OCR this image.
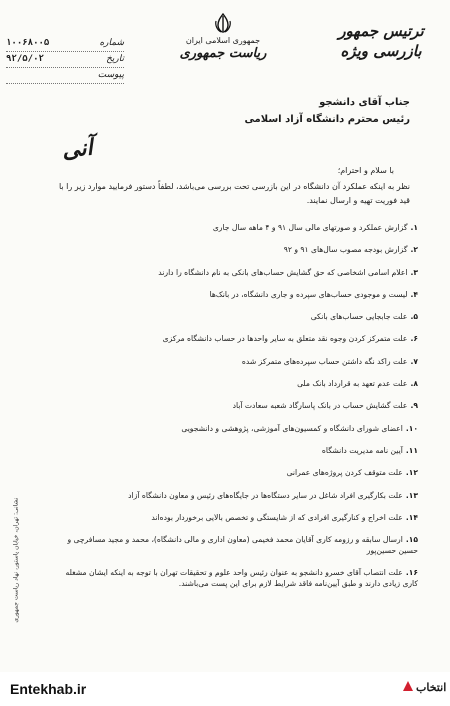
ترتیس جمهور
بازرسی ویژه
جمهوری اسلامی ایران
ریاست جمهوری
۱۰۰۶۸۰۰۵	شماره
۹۲/۵/۰۲	تاریخ
پیوست
جناب آقای دانشجو
رئیس محترم دانشگاه آزاد اسلامی
آنی
با سلام و احترام؛
نظر به اینکه عملکرد آن دانشگاه در این بازرسی تحت بررسی می‌باشد، لطفاً دستور فرمایید موارد زیر را با قید فوریت تهیه و ارسال نمایند.
۱.گزارش عملکرد و صورتهای مالی سال ۹۱ و ۴ ماهه سال جاری
۲.گزارش بودجه مصوب سال‌های ۹۱ و ۹۲
۳.اعلام اسامی اشخاصی که حق گشایش حساب‌های بانکی به نام دانشگاه را دارند
۴.لیست و موجودی حساب‌های سپرده و جاری دانشگاه، در بانک‌ها
۵.علت جابجایی حساب‌های بانکی
۶.علت متمرکز کردن وجوه نقد متعلق به سایر واحدها در حساب دانشگاه مرکزی
۷.علت راکد نگه داشتن حساب سپرده‌های متمرکز شده
۸.علت عدم تعهد به قرارداد بانک ملی
۹.علت گشایش حساب در بانک پاسارگاد شعبه سعادت آباد
۱۰.اعضای شورای دانشگاه و کمسیون‌های آموزشی، پژوهشی و دانشجویی
۱۱.آیین نامه مدیریت دانشگاه
۱۲.علت متوقف کردن پروژه‌های عمرانی
۱۳.علت بکارگیری افراد شاغل در سایر دستگاه‌ها در جایگاه‌های رئیس و معاون دانشگاه آزاد
۱۴.علت اخراج و کنارگیری افرادی که از شایستگی و تخصص بالایی برخوردار بوده‌اند
۱۵.ارسال سابقه و رزومه کاری آقایان محمد فخیمی (معاون اداری و مالی دانشگاه)، محمد و مجید مسافرچی و حسین حسین‌پور
۱۶.علت انتصاب آقای خسرو دانشجو به عنوان رئیس واحد علوم و تحقیقات تهران با توجه به اینکه ایشان مشغله کاری زیادی دارند و طبق آیین‌نامه فاقد شرایط لازم برای این پست می‌باشند.
نشانی: تهران، خیابان پاستور، نهاد ریاست جمهوری
Entekhab.ir	انتخاب
